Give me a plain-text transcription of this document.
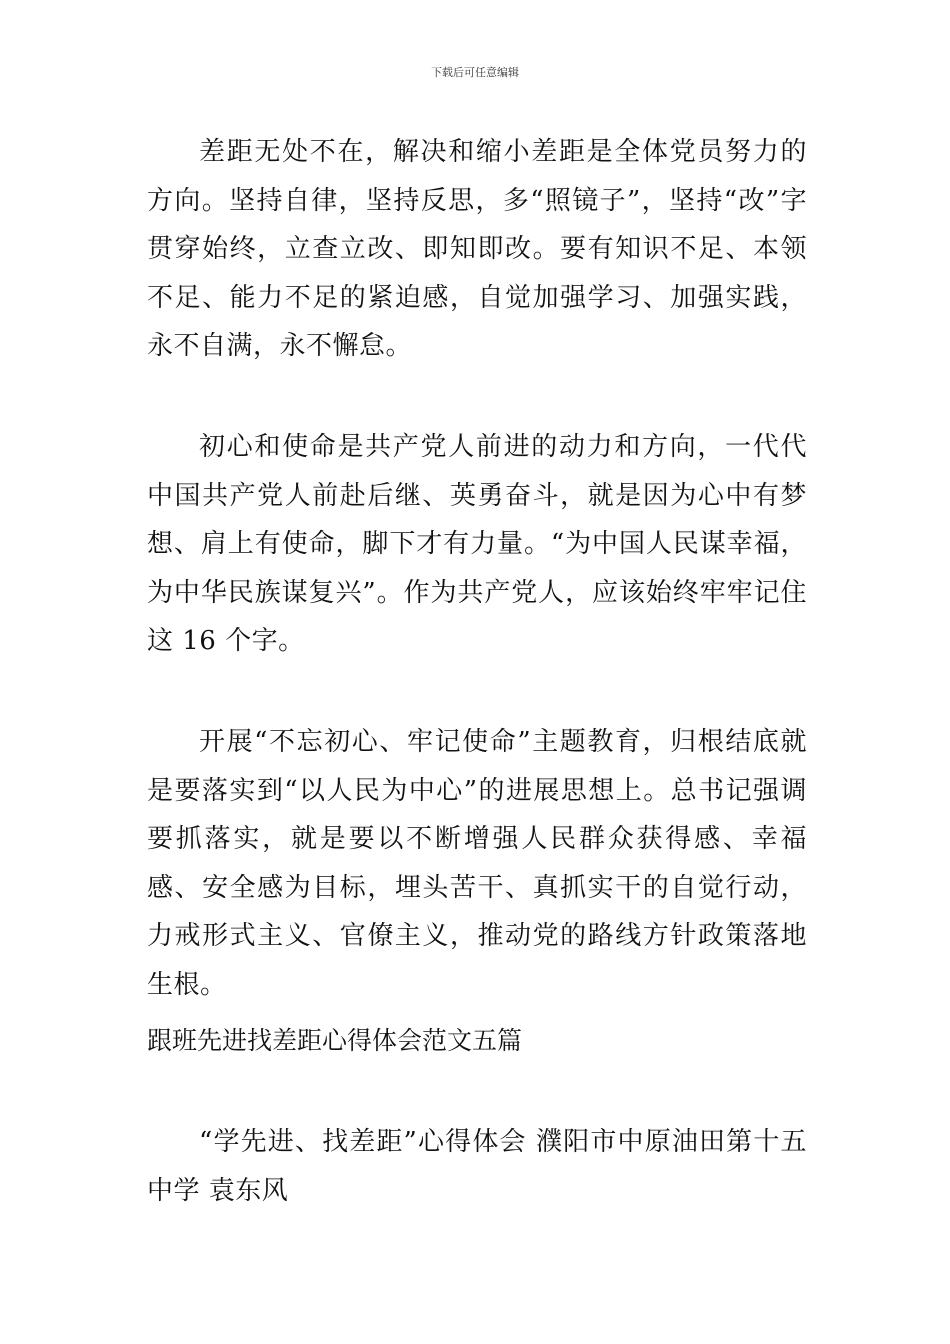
下载后可任意编辑

差距无处不在，解决和缩小差距是全体党员努力的方向。坚持自律，坚持反思，多“照镜子”，坚持“改”字贯穿始终，立查立改、即知即改。要有知识不足、本领不足、能力不足的紧迫感，自觉加强学习、加强实践，永不自满，永不懈怠。

初心和使命是共产党人前进的动力和方向，一代代中国共产党人前赴后继、英勇奋斗，就是因为心中有梦想、肩上有使命，脚下才有力量。“为中国人民谋幸福，为中华民族谋复兴”。作为共产党人，应该始终牢牢记住这 16 个字。

开展“不忘初心、牢记使命”主题教育，归根结底就是要落实到“以人民为中心”的进展思想上。总书记强调要抓落实，就是要以不断增强人民群众获得感、幸福感、安全感为目标，埋头苦干、真抓实干的自觉行动，力戒形式主义、官僚主义，推动党的路线方针政策落地生根。

跟班先进找差距心得体会范文五篇

“学先进、找差距”心得体会 濮阳市中原油田第十五中学 袁东风
